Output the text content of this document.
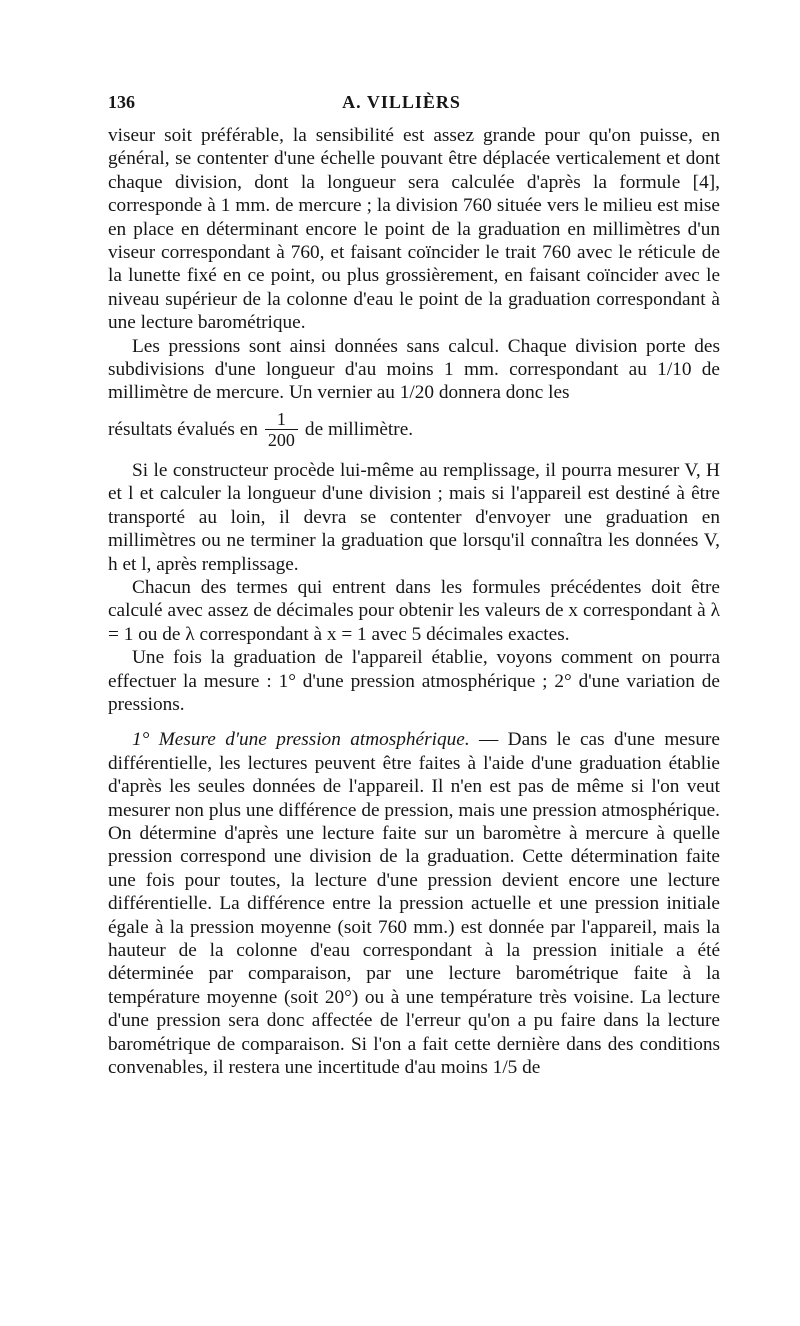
136	A. VILLIÈRS

viseur soit préférable, la sensibilité est assez grande pour qu'on puisse, en général, se contenter d'une échelle pouvant être déplacée verticalement et dont chaque division, dont la longueur sera calculée d'après la formule [4], corresponde à 1 mm. de mercure ; la division 760 située vers le milieu est mise en place en déterminant encore le point de la graduation en millimètres d'un viseur correspondant à 760, et faisant coïncider le trait 760 avec le réticule de la lunette fixé en ce point, ou plus grossièrement, en faisant coïncider avec le niveau supérieur de la colonne d'eau le point de la graduation correspondant à une lecture barométrique.

Les pressions sont ainsi données sans calcul. Chaque division porte des subdivisions d'une longueur d'au moins 1 mm. correspondant au 1/10 de millimètre de mercure. Un vernier au 1/20 donnera donc les

résultats évalués en $\frac{1}{200}$ de millimètre.

Si le constructeur procède lui-même au remplissage, il pourra mesurer V, H et l et calculer la longueur d'une division ; mais si l'appareil est destiné à être transporté au loin, il devra se contenter d'envoyer une graduation en millimètres ou ne terminer la graduation que lorsqu'il connaîtra les données V, h et l, après remplissage.

Chacun des termes qui entrent dans les formules précédentes doit être calculé avec assez de décimales pour obtenir les valeurs de x correspondant à λ = 1 ou de λ correspondant à x = 1 avec 5 décimales exactes.

Une fois la graduation de l'appareil établie, voyons comment on pourra effectuer la mesure : 1° d'une pression atmosphérique ; 2° d'une variation de pressions.

1° Mesure d'une pression atmosphérique. — Dans le cas d'une mesure différentielle, les lectures peuvent être faites à l'aide d'une graduation établie d'après les seules données de l'appareil. Il n'en est pas de même si l'on veut mesurer non plus une différence de pression, mais une pression atmosphérique. On détermine d'après une lecture faite sur un baromètre à mercure à quelle pression correspond une division de la graduation. Cette détermination faite une fois pour toutes, la lecture d'une pression devient encore une lecture différentielle. La différence entre la pression actuelle et une pression initiale égale à la pression moyenne (soit 760 mm.) est donnée par l'appareil, mais la hauteur de la colonne d'eau correspondant à la pression initiale a été déterminée par comparaison, par une lecture barométrique faite à la température moyenne (soit 20°) ou à une température très voisine. La lecture d'une pression sera donc affectée de l'erreur qu'on a pu faire dans la lecture barométrique de comparaison. Si l'on a fait cette dernière dans des conditions convenables, il restera une incertitude d'au moins 1/5 de
